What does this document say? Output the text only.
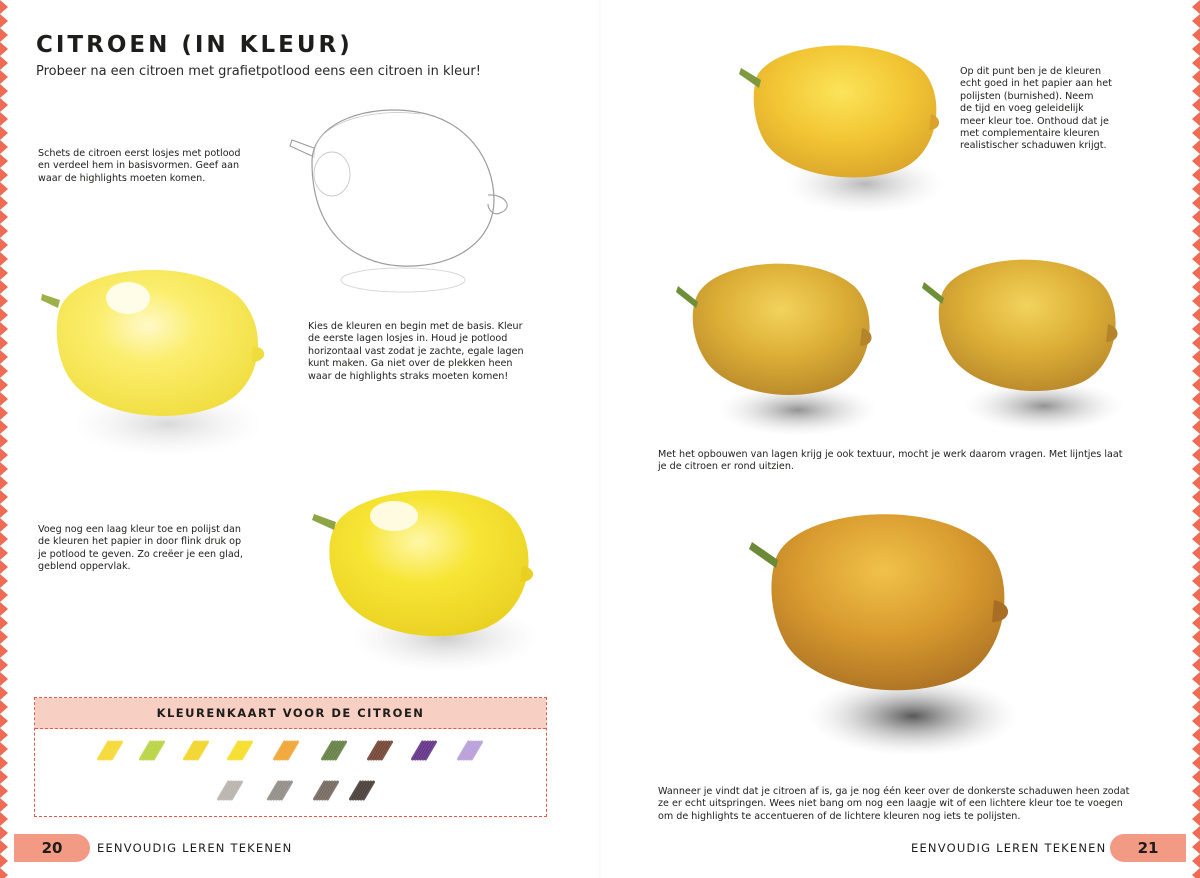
CITROEN (IN KLEUR)
Probeer na een citroen met grafietpotlood eens een citroen in kleur!
Schets de citroen eerst losjes met potlood
en verdeel hem in basisvormen. Geef aan
waar de highlights moeten komen.
Kies de kleuren en begin met de basis. Kleur
de eerste lagen losjes in. Houd je potlood
horizontaal vast zodat je zachte, egale lagen
kunt maken. Ga niet over de plekken heen
waar de highlights straks moeten komen!
Voeg nog een laag kleur toe en polijst dan
de kleuren het papier in door flink druk op
je potlood te geven. Zo creëer je een glad,
geblend oppervlak.
KLEURENKAART VOOR DE CITROEN
20	EENVOUDIG LEREN TEKENEN
Op dit punt ben je de kleuren
echt goed in het papier aan het
polijsten (burnished). Neem
de tijd en voeg geleidelijk
meer kleur toe. Onthoud dat je
met complementaire kleuren
realistischer schaduwen krijgt.
Met het opbouwen van lagen krijg je ook textuur, mocht je werk daarom vragen. Met lijntjes laat
je de citroen er rond uitzien.
Wanneer je vindt dat je citroen af is, ga je nog één keer over de donkerste schaduwen heen zodat
ze er echt uitspringen. Wees niet bang om nog een laagje wit of een lichtere kleur toe te voegen
om de highlights te accentueren of de lichtere kleuren nog iets te polijsten.
EENVOUDIG LEREN TEKENEN	21
